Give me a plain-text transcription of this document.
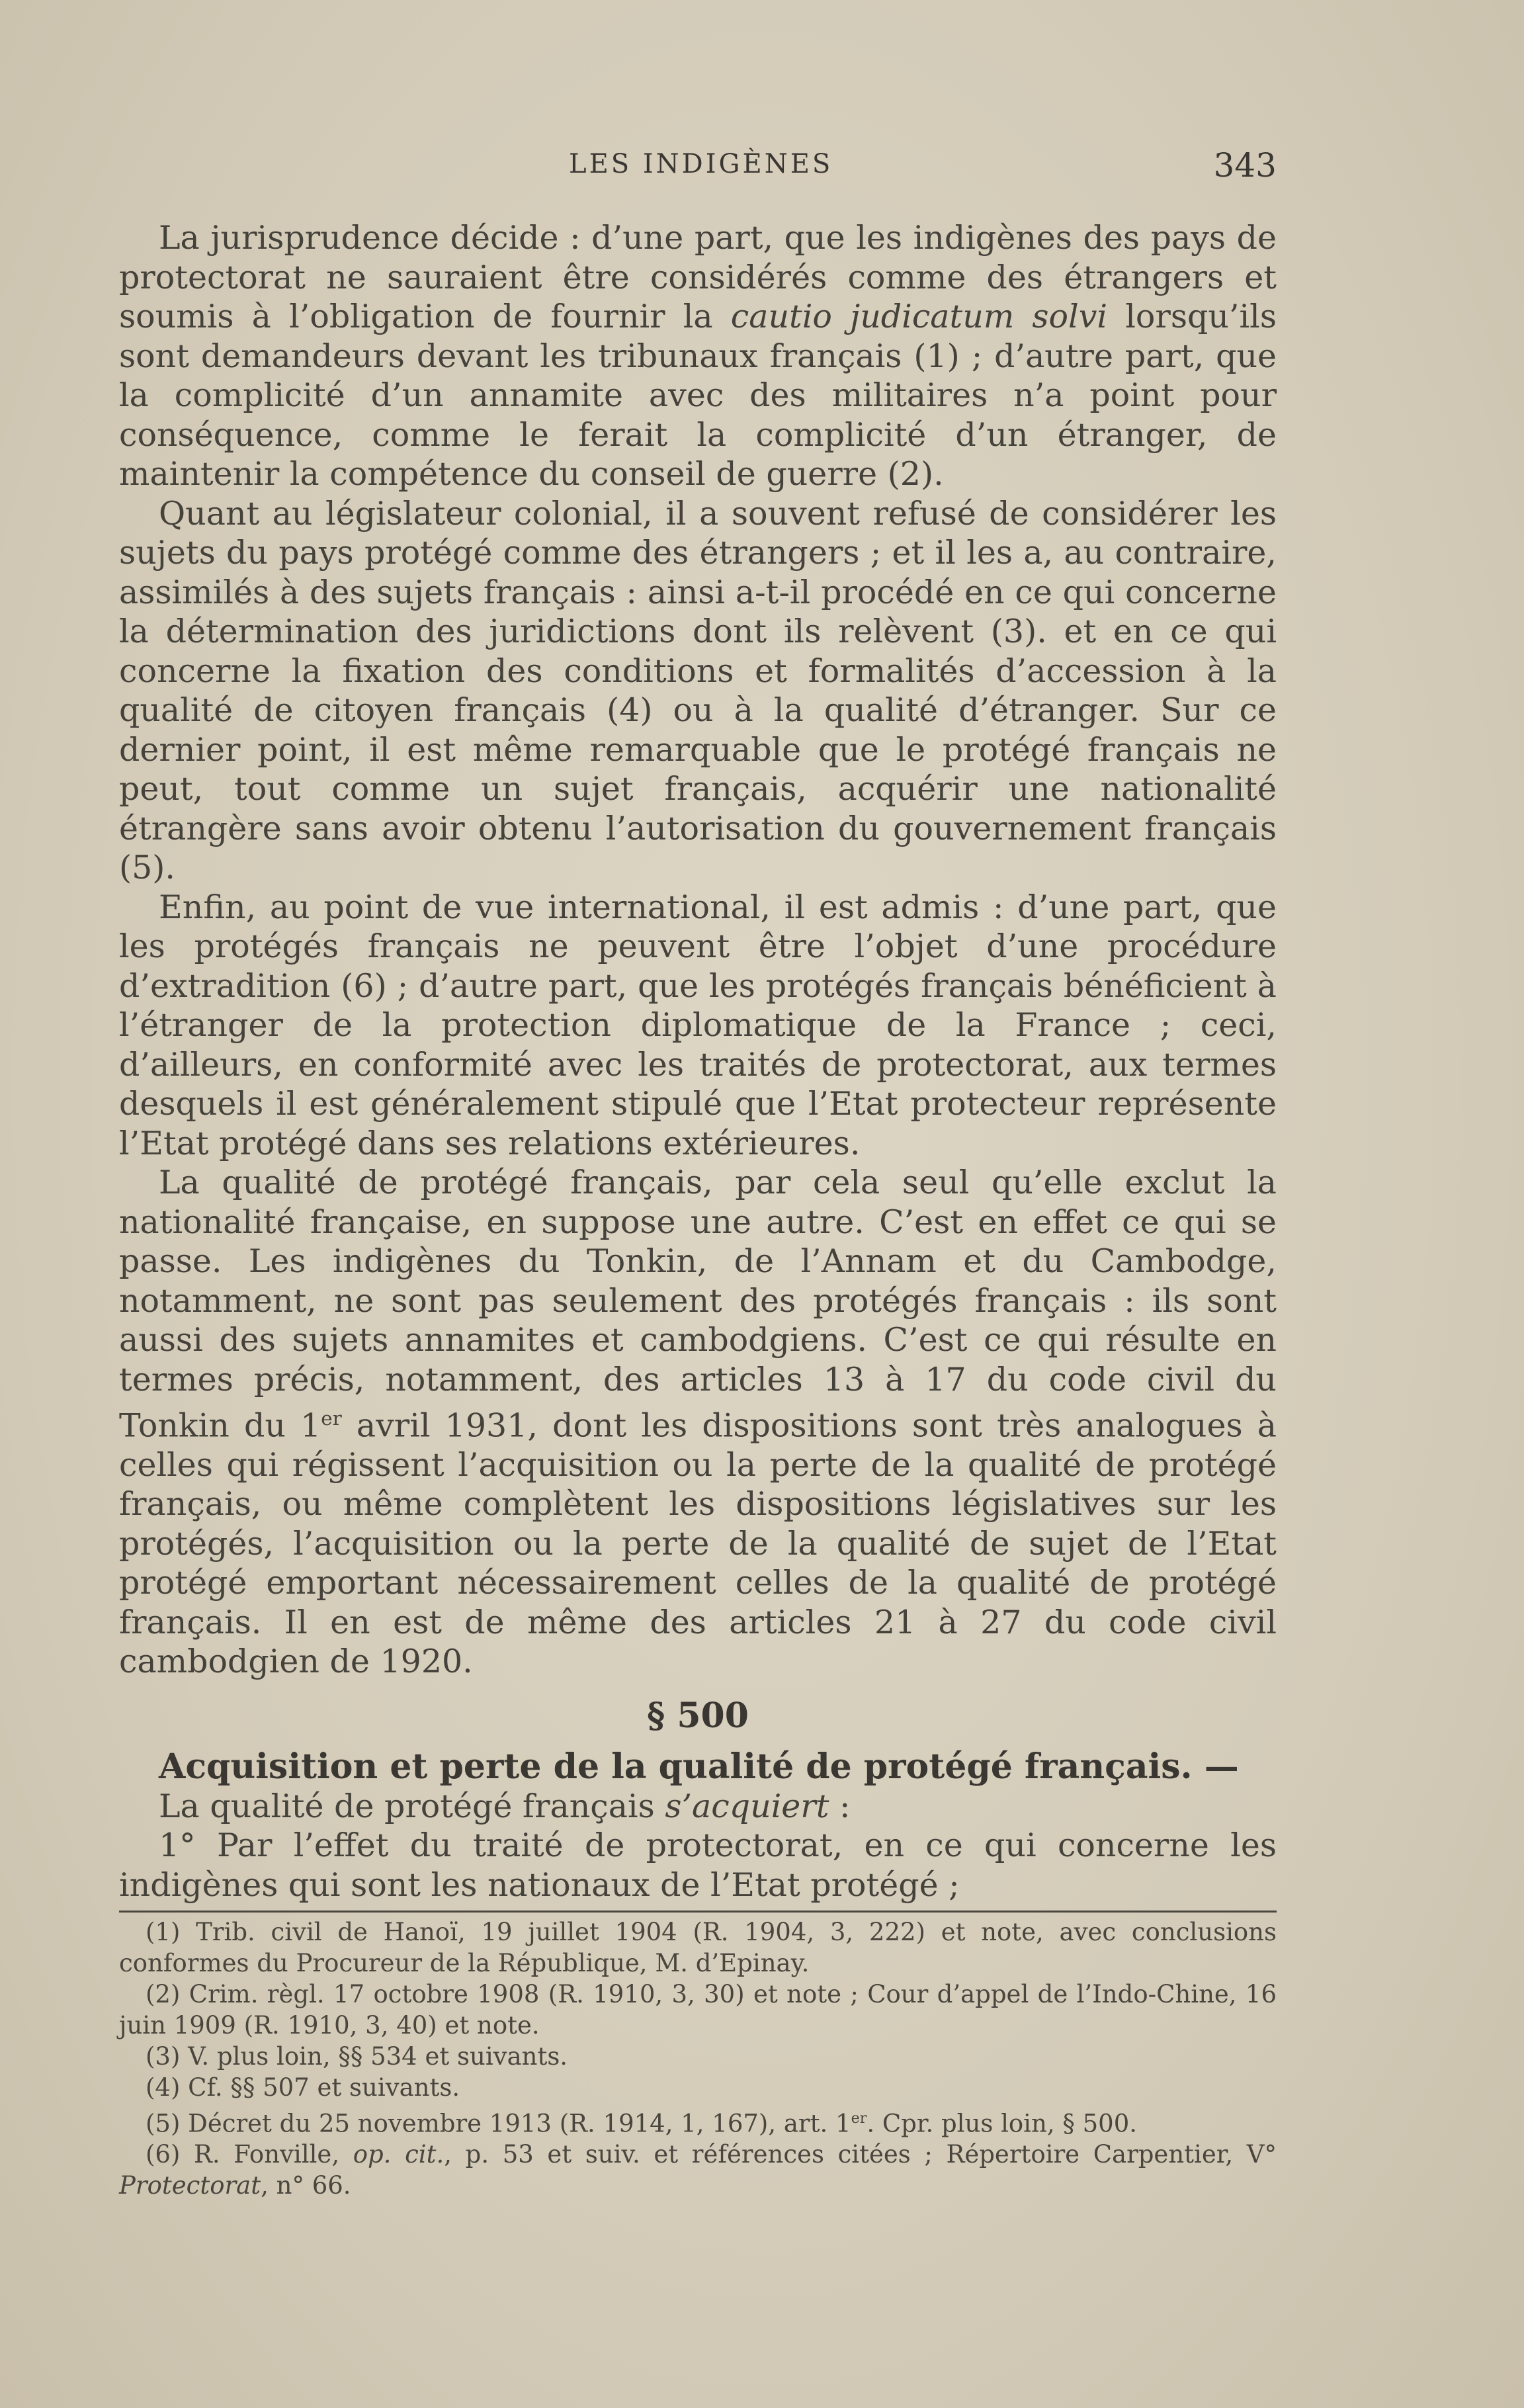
LES INDIGÈNES	343

La jurisprudence décide : d’une part, que les indigènes des pays de protectorat ne sauraient être considérés comme des étrangers et soumis à l’obligation de fournir la cautio judicatum solvi lorsqu’ils sont demandeurs devant les tribunaux français (1) ; d’autre part, que la complicité d’un annamite avec des militaires n’a point pour conséquence, comme le ferait la complicité d’un étranger, de maintenir la compétence du conseil de guerre (2).

Quant au législateur colonial, il a souvent refusé de considérer les sujets du pays protégé comme des étrangers ; et il les a, au contraire, assimilés à des sujets français : ainsi a-t-il procédé en ce qui concerne la détermination des juridictions dont ils relèvent (3). et en ce qui concerne la fixation des conditions et formalités d’accession à la qualité de citoyen français (4) ou à la qualité d’étranger. Sur ce dernier point, il est même remarquable que le protégé français ne peut, tout comme un sujet français, acquérir une nationalité étrangère sans avoir obtenu l’autorisation du gouvernement français (5).

Enfin, au point de vue international, il est admis : d’une part, que les protégés français ne peuvent être l’objet d’une procédure d’extradition (6) ; d’autre part, que les protégés français bénéficient à l’étranger de la protection diplomatique de la France ; ceci, d’ailleurs, en conformité avec les traités de protectorat, aux termes desquels il est généralement stipulé que l’Etat protecteur représente l’Etat protégé dans ses relations extérieures.

La qualité de protégé français, par cela seul qu’elle exclut la nationalité française, en suppose une autre. C’est en effet ce qui se passe. Les indigènes du Tonkin, de l’Annam et du Cambodge, notamment, ne sont pas seulement des protégés français : ils sont aussi des sujets annamites et cambodgiens. C’est ce qui résulte en termes précis, notamment, des articles 13 à 17 du code civil du Tonkin du 1er avril 1931, dont les dispositions sont très analogues à celles qui régissent l’acquisition ou la perte de la qualité de protégé français, ou même complètent les dispositions législatives sur les protégés, l’acquisition ou la perte de la qualité de sujet de l’Etat protégé emportant nécessairement celles de la qualité de protégé français. Il en est de même des articles 21 à 27 du code civil cambodgien de 1920.

§ 500

Acquisition et perte de la qualité de protégé français. —

La qualité de protégé français s’acquiert :

1° Par l’effet du traité de protectorat, en ce qui concerne les indigènes qui sont les nationaux de l’Etat protégé ;

(1) Trib. civil de Hanoï, 19 juillet 1904 (R. 1904, 3, 222) et note, avec conclusions conformes du Procureur de la République, M. d’Epinay.

(2) Crim. règl. 17 octobre 1908 (R. 1910, 3, 30) et note ; Cour d’appel de l’Indo-Chine, 16 juin 1909 (R. 1910, 3, 40) et note.

(3) V. plus loin, §§ 534 et suivants.

(4) Cf. §§ 507 et suivants.

(5) Décret du 25 novembre 1913 (R. 1914, 1, 167), art. 1er. Cpr. plus loin, § 500.

(6) R. Fonville, op. cit., p. 53 et suiv. et références citées ; Répertoire Carpentier, V° Protectorat, n° 66.
